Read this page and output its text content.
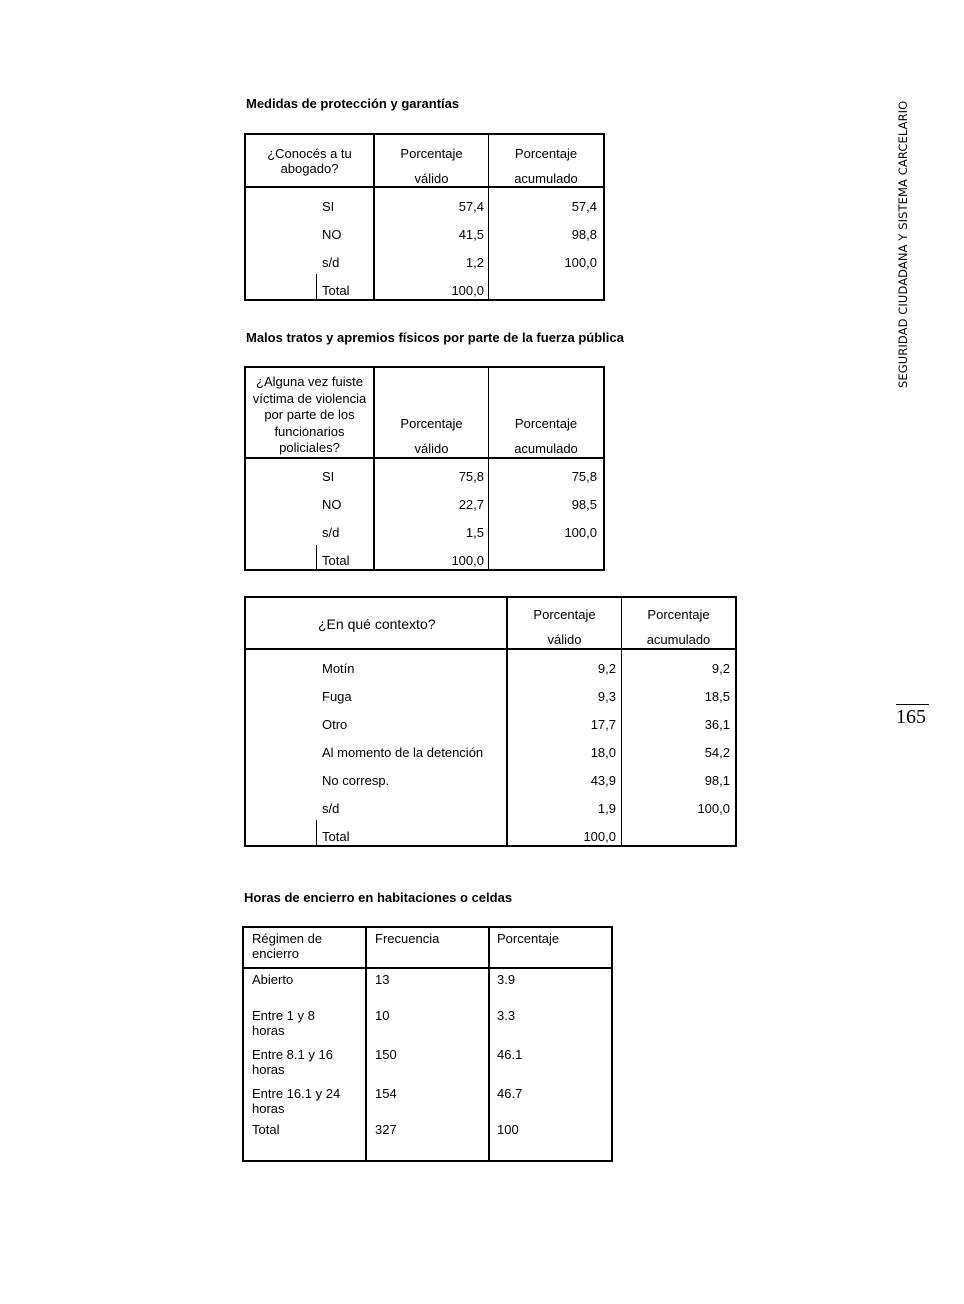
SEGURIDAD CIUDADANA Y SISTEMA CARCELARIO
165
Medidas de protección y garantías
¿Conocés a tu abogado?
Porcentaje
válido
Porcentaje
acumulado
SI	57,4	57,4
NO	41,5	98,8
s/d	1,2	100,0
Total	100,0
Malos tratos y apremios físicos por parte de la fuerza pública
¿Alguna vez fuiste
víctima de violencia
por parte de los
funcionarios
policiales?
Porcentaje
válido
Porcentaje
acumulado
SI	75,8	75,8
NO	22,7	98,5
s/d	1,5	100,0
Total	100,0
¿En qué contexto?
Porcentaje
válido
Porcentaje
acumulado
Motín	9,2	9,2
Fuga	9,3	18,5
Otro	17,7	36,1
Al momento de la detención	18,0	54,2
No corresp.	43,9	98,1
s/d	1,9	100,0
Total	100,0
Horas de encierro en habitaciones o celdas
Régimen de
encierro
Frecuencia	Porcentaje
Abierto	13	3.9
Entre 1 y 8
horas
10	3.3
Entre 8.1 y 16
horas
150	46.1
Entre 16.1 y 24
horas
154	46.7
Total	327	100
